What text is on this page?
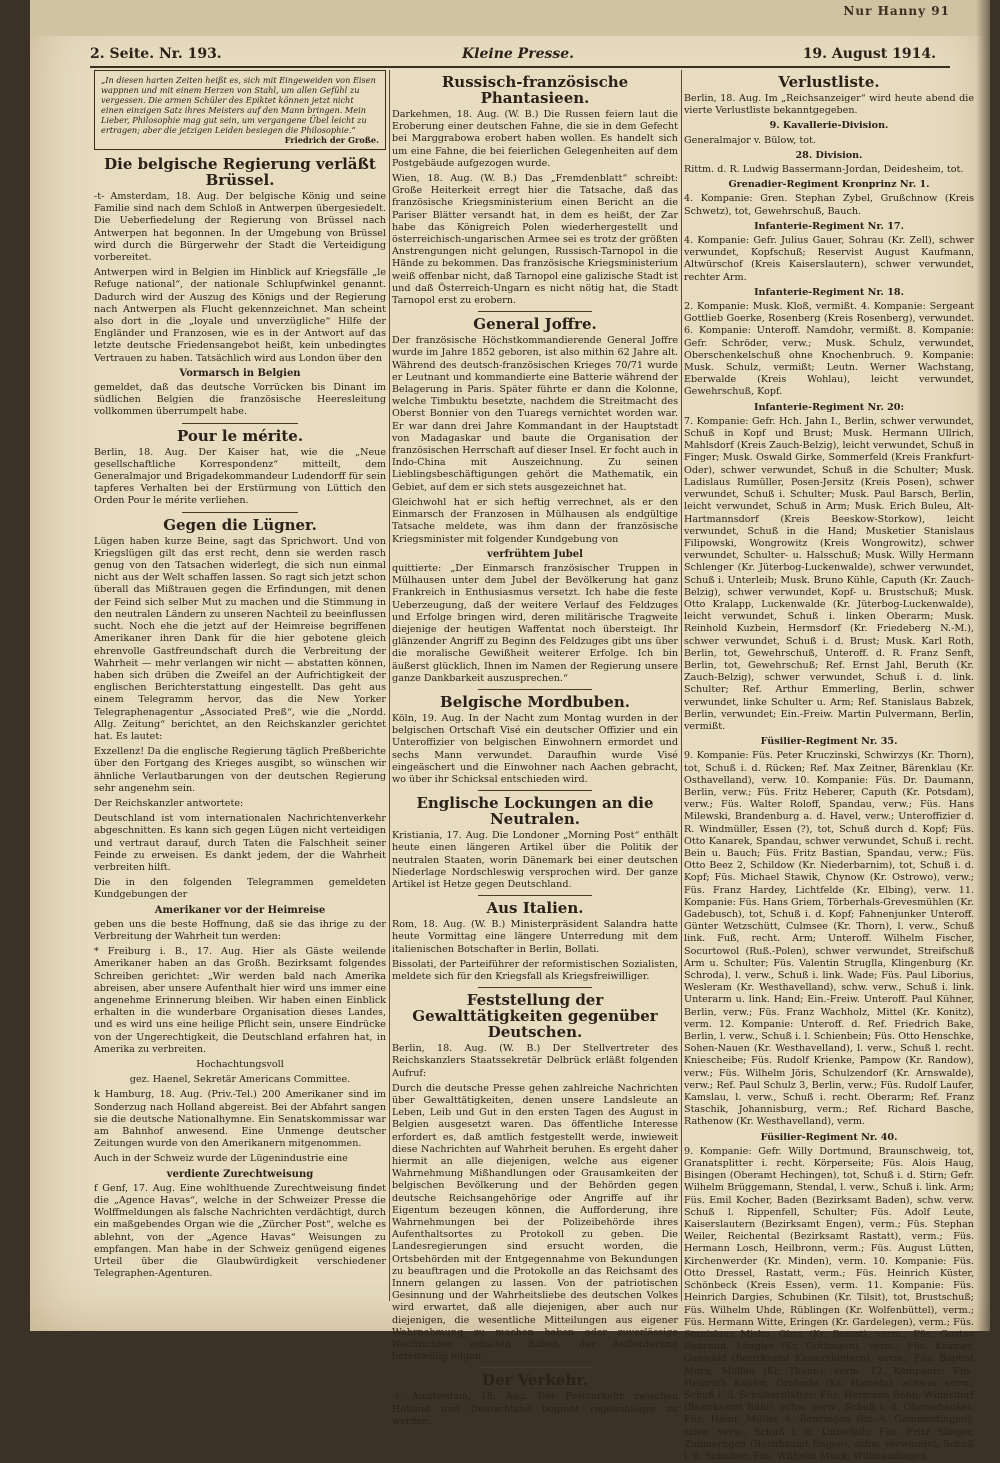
Nur Hanny 91
2. Seite. Nr. 193.	Kleine Presse.	19. August 1914.
„In diesen harten Zeiten heißt es, sich mit Eingeweiden von Eisen wappnen und mit einem Herzen von Stahl, um allen Gefühl zu vergessen. Die armen Schüler des Epiktet können jetzt nicht einen einzigen Satz ihres Meisters auf den Mann bringen. Mein Lieber, Philosophie mag gut sein, um vergangene Übel leicht zu ertragen; aber die jetzigen Leiden besiegen die Philosophie.“
Friedrich der Große.
Die belgische Regierung verläßt Brüssel.

-t- Amsterdam, 18. Aug. Der belgische König und seine Familie sind nach dem Schloß in Antwerpen übergesiedelt. Die Ueberfiedelung der Regierung von Brüssel nach Antwerpen hat begonnen. In der Umgebung von Brüssel wird durch die Bürgerwehr der Stadt die Verteidigung vorbereitet.

Antwerpen wird in Belgien im Hinblick auf Kriegsfälle „le Refuge national“, der nationale Schlupfwinkel genannt. Dadurch wird der Auszug des Königs und der Regierung nach Antwerpen als Flucht gekennzeichnet. Man scheint also dort in die „loyale und unverzügliche“ Hilfe der Engländer und Franzosen, wie es in der Antwort auf das letzte deutsche Friedensangebot heißt, kein unbedingtes Vertrauen zu haben. Tatsächlich wird aus London über den

Vormarsch in Belgien

gemeldet, daß das deutsche Vorrücken bis Dinant im südlichen Belgien die französische Heeresleitung vollkommen überrumpelt habe.

Pour le mérite.

Berlin, 18. Aug. Der Kaiser hat, wie die „Neue gesellschaftliche Korrespondenz“ mitteilt, dem Generalmajor und Brigadekommandeur Ludendorff für sein tapferes Verhalten bei der Erstürmung von Lüttich den Orden Pour le mérite verliehen.

Gegen die Lügner.

Lügen haben kurze Beine, sagt das Sprichwort. Und von Kriegslügen gilt das erst recht, denn sie werden rasch genug von den Tatsachen widerlegt, die sich nun einmal nicht aus der Welt schaffen lassen. So ragt sich jetzt schon überall das Mißtrauen gegen die Erfindungen, mit denen der Feind sich selber Mut zu machen und die Stimmung in den neutralen Ländern zu unseren Nachteil zu beeinflussen sucht. Noch ehe die jetzt auf der Heimreise begriffenen Amerikaner ihren Dank für die hier gebotene gleich ehrenvolle Gastfreundschaft durch die Verbreitung der Wahrheit — mehr verlangen wir nicht — abstatten können, haben sich drüben die Zweifel an der Aufrichtigkeit der englischen Berichterstattung eingestellt. Das geht aus einem Telegramm hervor, das die New Yorker Telegraphenagentur „Associated Preß“, wie die „Nordd. Allg. Zeitung“ berichtet, an den Reichskanzler gerichtet hat. Es lautet:

Exzellenz! Da die englische Regierung täglich Preßberichte über den Fortgang des Krieges ausgibt, so wünschen wir ähnliche Verlautbarungen von der deutschen Regierung sehr angenehm sein.

Der Reichskanzler antwortete:

Deutschland ist vom internationalen Nachrichtenverkehr abgeschnitten. Es kann sich gegen Lügen nicht verteidigen und vertraut darauf, durch Taten die Falschheit seiner Feinde zu erweisen. Es dankt jedem, der die Wahrheit verbreiten hilft.

Die in den folgenden Telegrammen gemeldeten Kundgebungen der

Amerikaner vor der Heimreise

geben uns die beste Hoffnung, daß sie das ihrige zu der Verbreitung der Wahrheit tun werden:

* Freiburg i. B., 17. Aug. Hier als Gäste weilende Amerikaner haben an das Großh. Bezirksamt folgendes Schreiben gerichtet: „Wir werden bald nach Amerika abreisen, aber unsere Aufenthalt hier wird uns immer eine angenehme Erinnerung bleiben. Wir haben einen Einblick erhalten in die wunderbare Organisation dieses Landes, und es wird uns eine heilige Pflicht sein, unsere Eindrücke von der Ungerechtigkeit, die Deutschland erfahren hat, in Amerika zu verbreiten.

Hochachtungsvoll

gez. Haenel, Sekretär Americans Committee.

k Hamburg, 18. Aug. (Priv.-Tel.) 200 Amerikaner sind im Sonderzug nach Holland abgereist. Bei der Abfahrt sangen sie die deutsche Nationalhymne. Ein Senatskommissar war am Bahnhof anwesend. Eine Unmenge deutscher Zeitungen wurde von den Amerikanern mitgenommen.

Auch in der Schweiz wurde der Lügenindustrie eine

verdiente Zurechtweisung

f Genf, 17. Aug. Eine wohlthuende Zurechtweisung findet die „Agence Havas“, welche in der Schweizer Presse die Wolffmeldungen als falsche Nachrichten verdächtigt, durch ein maßgebendes Organ wie die „Zürcher Post“, welche es ablehnt, von der „Agence Havas“ Weisungen zu empfangen. Man habe in der Schweiz genügend eigenes Urteil über die Glaubwürdigkeit verschiedener Telegraphen-Agenturen.

Russisch-französische Phantasieen.

Darkehmen, 18. Aug. (W. B.) Die Russen feiern laut die Eroberung einer deutschen Fahne, die sie in dem Gefecht bei Marggrabowa erobert haben wollen. Es handelt sich um eine Fahne, die bei feierlichen Gelegenheiten auf dem Postgebäude aufgezogen wurde.

Wien, 18. Aug. (W. B.) Das „Fremdenblatt“ schreibt: Große Heiterkeit erregt hier die Tatsache, daß das französische Kriegsministerium einen Bericht an die Pariser Blätter versandt hat, in dem es heißt, der Zar habe das Königreich Polen wiederhergestellt und österreichisch-ungarischen Armee sei es trotz der größten Anstrengungen nicht gelungen, Russisch-Tarnopol in die Hände zu bekommen. Das französische Kriegsministerium weiß offenbar nicht, daß Tarnopol eine galizische Stadt ist und daß Österreich-Ungarn es nicht nötig hat, die Stadt Tarnopol erst zu erobern.

General Joffre.

Der französische Höchstkommandierende General Joffre wurde im Jahre 1852 geboren, ist also mithin 62 Jahre alt. Während des deutsch-französischen Krieges 70/71 wurde er Leutnant und kommandierte eine Batterie während der Belagerung in Paris. Später führte er dann die Kolonne, welche Timbuktu besetzte, nachdem die Streitmacht des Oberst Bonnier von den Tuaregs vernichtet worden war. Er war dann drei Jahre Kommandant in der Hauptstadt von Madagaskar und baute die Organisation der französischen Herrschaft auf dieser Insel. Er focht auch in Indo-China mit Auszeichnung. Zu seinen Lieblingsbeschäftigungen gehört die Mathematik, ein Gebiet, auf dem er sich stets ausgezeichnet hat.

Gleichwohl hat er sich heftig verrechnet, als er den Einmarsch der Franzosen in Mülhausen als endgültige Tatsache meldete, was ihm dann der französische Kriegsminister mit folgender Kundgebung von

verfrühtem Jubel

quittierte: „Der Einmarsch französischer Truppen in Mülhausen unter dem Jubel der Bevölkerung hat ganz Frankreich in Enthusiasmus versetzt. Ich habe die feste Ueberzeugung, daß der weitere Verlauf des Feldzuges und Erfolge bringen wird, deren militärische Tragweite diejenige der heutigen Waffentat noch übersteigt. Ihr glänzender Angriff zu Beginn des Feldzuges gibt uns über die moralische Gewißheit weiterer Erfolge. Ich bin äußerst glücklich, Ihnen im Namen der Regierung unsere ganze Dankbarkeit auszusprechen.“

Belgische Mordbuben.

Köln, 19. Aug. In der Nacht zum Montag wurden in der belgischen Ortschaft Visé ein deutscher Offizier und ein Unteroffizier von belgischen Einwohnern ermordet und sechs Mann verwundet. Daraufhin wurde Visé eingeäschert und die Einwohner nach Aachen gebracht, wo über ihr Schicksal entschieden wird.

Englische Lockungen an die Neutralen.

Kristiania, 17. Aug. Die Londoner „Morning Post“ enthält heute einen längeren Artikel über die Politik der neutralen Staaten, worin Dänemark bei einer deutschen Niederlage Nordschleswig versprochen wird. Der ganze Artikel ist Hetze gegen Deutschland.

Aus Italien.

Rom, 18. Aug. (W. B.) Ministerpräsident Salandra hatte heute Vormittag eine längere Unterredung mit dem italienischen Botschafter in Berlin, Bollati.

Bissolati, der Parteiführer der reformistischen Sozialisten, meldete sich für den Kriegsfall als Kriegsfreiwilliger.

Feststellung der Gewalttätigkeiten gegenüber Deutschen.

Berlin, 18. Aug. (W. B.) Der Stellvertreter des Reichskanzlers Staatssekretär Delbrück erläßt folgenden Aufruf:

Durch die deutsche Presse gehen zahlreiche Nachrichten über Gewalttätigkeiten, denen unsere Landsleute an Leben, Leib und Gut in den ersten Tagen des August in Belgien ausgesetzt waren. Das öffentliche Interesse erfordert es, daß amtlich festgestellt werde, inwieweit diese Nachrichten auf Wahrheit beruhen. Es ergeht daher hiermit an alle diejenigen, welche aus eigener Wahrnehmung Mißhandlungen oder Grausamkeiten der belgischen Bevölkerung und der Behörden gegen deutsche Reichsangehörige oder Angriffe auf ihr Eigentum bezeugen können, die Aufforderung, ihre Wahrnehmungen bei der Polizeibehörde ihres Aufenthaltsortes zu Protokoll zu geben. Die Landesregierungen sind ersucht worden, die Ortsbehörden mit der Entgegennahme von Bekundungen zu beauftragen und die Protokolle an das Reichsamt des Innern gelangen zu lassen. Von der patriotischen Gesinnung und der Wahrheitsliebe des deutschen Volkes wird erwartet, daß alle diejenigen, aber auch nur diejenigen, die wesentliche Mitteilungen aus eigener Wahrnehmung zu machen haben oder zuverlässige Nachrichten erhalten haben, der Aufforderung bereitwillig folgen.

Der Verkehr.

-t- Amsterdam, 18. Aug. Der Postverkehr zwischen Holland und Deutschland beginnt regelmäßiger zu werden.

Verlustliste.

Berlin, 18. Aug. Im „Reichsanzeiger“ wird heute abend die vierte Verlustliste bekanntgegeben.

9. Kavallerie-Division.

Generalmajor v. Bülow, tot.

28. Division.

Rittm. d. R. Ludwig Bassermann-Jordan, Deidesheim, tot.

Grenadier-Regiment Kronprinz Nr. 1.

4. Kompanie: Gren. Stephan Zybel, Grußchnow (Kreis Schwetz), tot, Gewehrschuß, Bauch.

Infanterie-Regiment Nr. 17.

4. Kompanie: Gefr. Julius Gauer, Sohrau (Kr. Zell), schwer verwundet, Kopfschuß; Reservist August Kaufmann, Altwürschof (Kreis Kaiserslautern), schwer verwundet, rechter Arm.

Infanterie-Regiment Nr. 18.

2. Kompanie: Musk. Kloß, vermißt. 4. Kompanie: Sergeant Gottlieb Goerke, Rosenberg (Kreis Rosenberg), verwundet. 6. Kompanie: Unteroff. Namdohr, vermißt. 8. Kompanie: Gefr. Schröder, verw.; Musk. Schulz, verwundet, Oberschenkelschuß ohne Knochenbruch. 9. Kompanie: Musk. Schulz, vermißt; Leutn. Werner Wachstang, Eberwalde (Kreis Wohlau), leicht verwundet, Gewehrschuß, Kopf.

Infanterie-Regiment Nr. 20:

7. Kompanie: Gefr. Hch. Jahn I., Berlin, schwer verwundet, Schuß in Kopf und Brust; Musk. Hermann Ullrich, Mahlsdorf (Kreis Zauch-Belzig), leicht verwundet, Schuß in Finger; Musk. Oswald Girke, Sommerfeld (Kreis Frankfurt-Oder), schwer verwundet, Schuß in die Schulter; Musk. Ladislaus Rumüller, Posen-Jersitz (Kreis Posen), schwer verwundet, Schuß i. Schulter; Musk. Paul Barsch, Berlin, leicht verwundet, Schuß in Arm; Musk. Erich Buleu, Alt-Hartmannsdorf (Kreis Beeskow-Storkow), leicht verwundet, Schuß in die Hand; Musketier Stanislaus Filipowski, Wongrowitz (Kreis Wongrowitz), schwer verwundet, Schulter- u. Halsschuß; Musk. Willy Hermann Schlenger (Kr. Jüterbog-Luckenwalde), schwer verwundet, Schuß i. Unterleib; Musk. Bruno Kühle, Caputh (Kr. Zauch-Belzig), schwer verwundet, Kopf- u. Brustschuß; Musk. Otto Kralapp, Luckenwalde (Kr. Jüterbog-Luckenwalde), leicht verwundet, Schuß i. linken Oberarm; Musk. Reinhold Kuzbein, Hermsdorf (Kr. Friedeberg N.-M.), schwer verwundet, Schuß i. d. Brust; Musk. Karl Roth, Berlin, tot, Gewehrschuß, Unteroff. d. R. Franz Senft, Berlin, tot, Gewehrschuß; Ref. Ernst Jahl, Beruth (Kr. Zauch-Belzig), schwer verwundet, Schuß i. d. link. Schulter; Ref. Arthur Emmerling, Berlin, schwer verwundet, linke Schulter u. Arm; Ref. Stanislaus Babzek, Berlin, verwundet; Ein.-Freiw. Martin Pulvermann, Berlin, vermißt.

Füsilier-Regiment Nr. 35.

9. Kompanie: Füs. Peter Kruczinski, Schwirzys (Kr. Thorn), tot, Schuß i. d. Rücken; Ref. Max Zeitner, Bärenklau (Kr. Osthavelland), verw. 10. Kompanie: Füs. Dr. Daumann, Berlin, verw.; Füs. Fritz Heberer, Caputh (Kr. Potsdam), verw.; Füs. Walter Roloff, Spandau, verw.; Füs. Hans Milewski, Brandenburg a. d. Havel, verw.; Unteroffizier d. R. Windmüller, Essen (?), tot, Schuß durch d. Kopf; Füs. Otto Kanarek, Spandau, schwer verwundet, Schuß i. recht. Bein u. Bauch; Füs. Fritz Bastian, Spandau, verw.; Füs. Otto Beez 2, Schildow (Kr. Niederbarnim), tot, Schuß i. d. Kopf; Füs. Michael Stawik, Chynow (Kr. Ostrowo), verw.; Füs. Franz Hardey, Lichtfelde (Kr. Elbing), verw. 11. Kompanie: Füs. Hans Griem, Törberhals-Grevesmühlen (Kr. Gadebusch), tot, Schuß i. d. Kopf; Fahnenjunker Unteroff. Günter Wetzschütt, Culmsee (Kr. Thorn), l. verw., Schuß link. Fuß, recht. Arm; Unteroff. Wilhelm Fischer, Socurtowol (Ruß.-Polen), schwer verwundet, Streifschuß Arm u. Schulter; Füs. Valentin Struglla, Klingenburg (Kr. Schroda), l. verw., Schuß i. link. Wade; Füs. Paul Liborius, Wesleram (Kr. Westhavelland), schw. verw., Schuß i. link. Unterarm u. link. Hand; Ein.-Freiw. Unteroff. Paul Kühner, Berlin, verw.; Füs. Franz Wachholz, Mittel (Kr. Konitz), verm. 12. Kompanie: Unteroff. d. Ref. Friedrich Bake, Berlin, l. verw., Schuß i. l. Schienbein; Füs. Otto Henschke, Sohen-Nauen (Kr. Westhavelland), l. verw., Schuß l. recht. Kniescheibe; Füs. Rudolf Krienke, Pampow (Kr. Randow), verw.; Füs. Wilhelm Jöris, Schulzendorf (Kr. Arnswalde), verw.; Ref. Paul Schulz 3, Berlin, verw.; Füs. Rudolf Laufer, Kamslau, l. verw., Schuß i. recht. Oberarm; Ref. Franz Staschik, Johannisburg, verm.; Ref. Richard Basche, Rathenow (Kr. Westhavelland), verm.

Füsilier-Regiment Nr. 40.

9. Kompanie: Gefr. Willy Dortmund, Braunschweig, tot, Granatsplitter i. recht. Körperseite; Füs. Alois Haug, Bisingen (Oberamt Hechingen), tot, Schuß i. d. Stirn; Gefr. Wilhelm Brüggemann, Stendal, l. verw., Schuß i. link. Arm; Füs. Emil Kocher, Baden (Bezirksamt Baden), schw. verw. Schuß l. Rippenfell, Schulter; Füs. Adolf Leute, Kaiserslautern (Bezirksamt Engen), verm.; Füs. Stephan Weiler, Reichental (Bezirksamt Rastatt), verm.; Füs. Hermann Losch, Heilbronn, verm.; Füs. August Lütten, Kirchenwerder (Kr. Minden), verm. 10. Kompanie: Füs. Otto Dressel, Rastatt, verm.; Füs. Heinrich Küster, Schönbeck (Kreis Essen), verm. 11. Kompanie: Füs. Heinrich Dargies, Schubinen (Kr. Tilsit), tot, Brustschuß; Füs. Wilhelm Uhde, Rüblingen (Kr. Wolfenbüttel), verm.; Füs. Hermann Witte, Eringen (Kr. Gardelegen), verm.; Füs. Stanislaus Misko, Obra (Kr. Bomst), verm.; Füs. Gustav Dehrend, Lengler (Kr. Göttingen), verm.; Füs. Krämer, Gauwald (Bezirksamt Kaiserslautern), verm.; Füs. Baptist Mura, Mollau (Kr. Thann), verm. 12. Kompanie: Füs. Heinrich Köpfer, Grohnde (Kr. Hameln), schwer verw., Schuß i. d. Schulterblätter; Füs. Hermann Bohn, Wilmsdorf (Bezirksamt Bühl), schw. verw., Schuß i. d. Oberschenkel; Füs. Heinr. Müller 4, Benzingen (Bz.-A. Gammertingen), schw. verw., Schuß i. d. Unterleib; Füs. Fritz Sänger, Zimmerngen (Bezirksamt Engen), schw. verwundet, Schuß i. d. Schulter; Füs. Wilhelm Mück, Willmandingen
